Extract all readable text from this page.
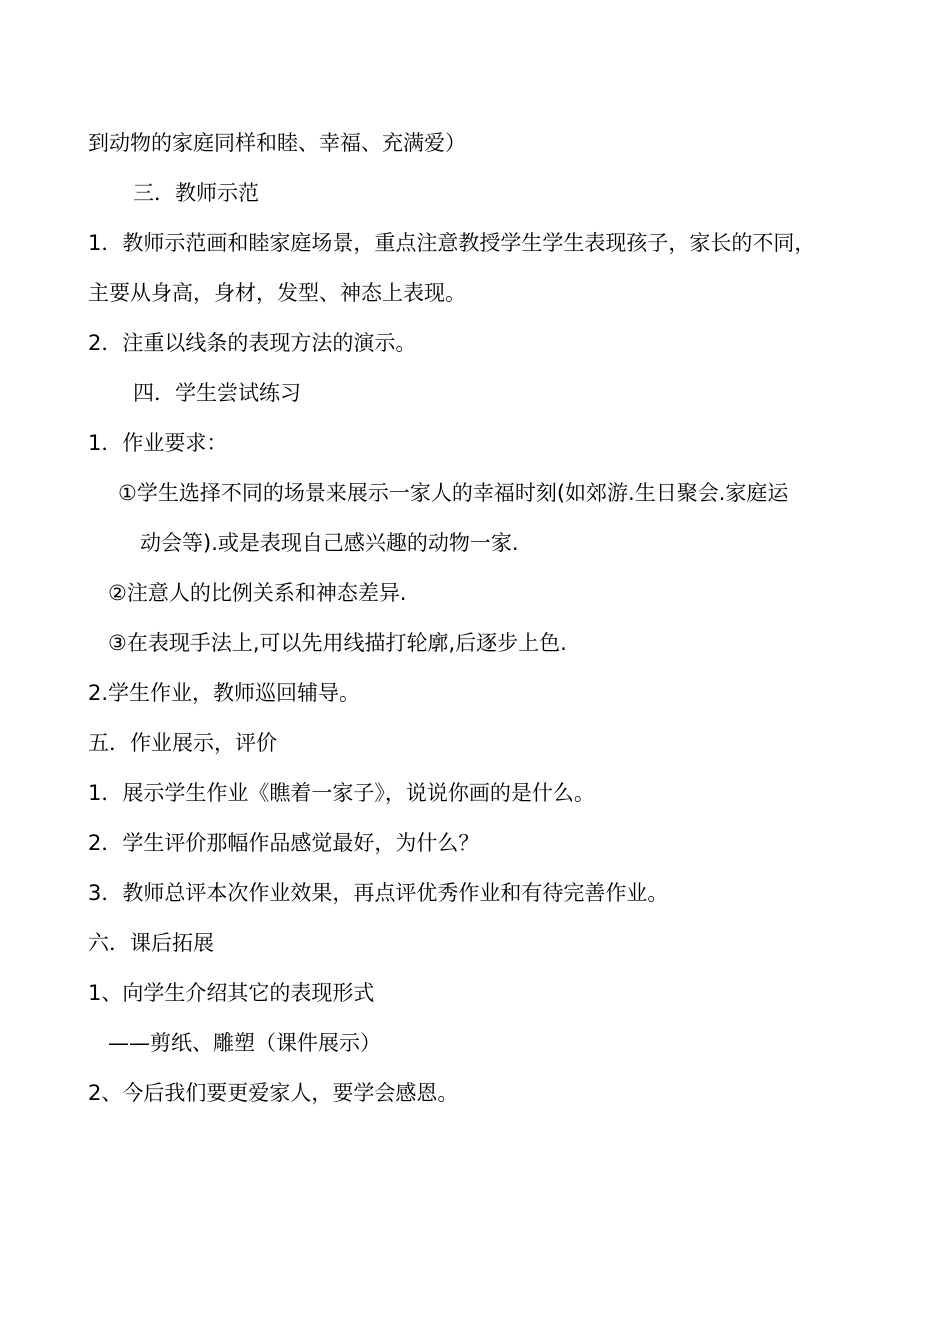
到动物的家庭同样和睦、幸福、充满爱）
三．教师示范
1．教师示范画和睦家庭场景，重点注意教授学生学生表现孩子，家长的不同，
主要从身高，身材，发型、神态上表现。
2．注重以线条的表现方法的演示。
四．学生尝试练习
1．作业要求：
①学生选择不同的场景来展示一家人的幸福时刻(如郊游.生日聚会.家庭运
动会等).或是表现自己感兴趣的动物一家.
②注意人的比例关系和神态差异.
③在表现手法上,可以先用线描打轮廓,后逐步上色.
2.学生作业，教师巡回辅导。
五．作业展示，评价
1．展示学生作业《瞧着一家子》，说说你画的是什么。
2．学生评价那幅作品感觉最好，为什么？
3．教师总评本次作业效果，再点评优秀作业和有待完善作业。
六．课后拓展
1、向学生介绍其它的表现形式
——剪纸、雕塑（课件展示）
2、今后我们要更爱家人，要学会感恩。
